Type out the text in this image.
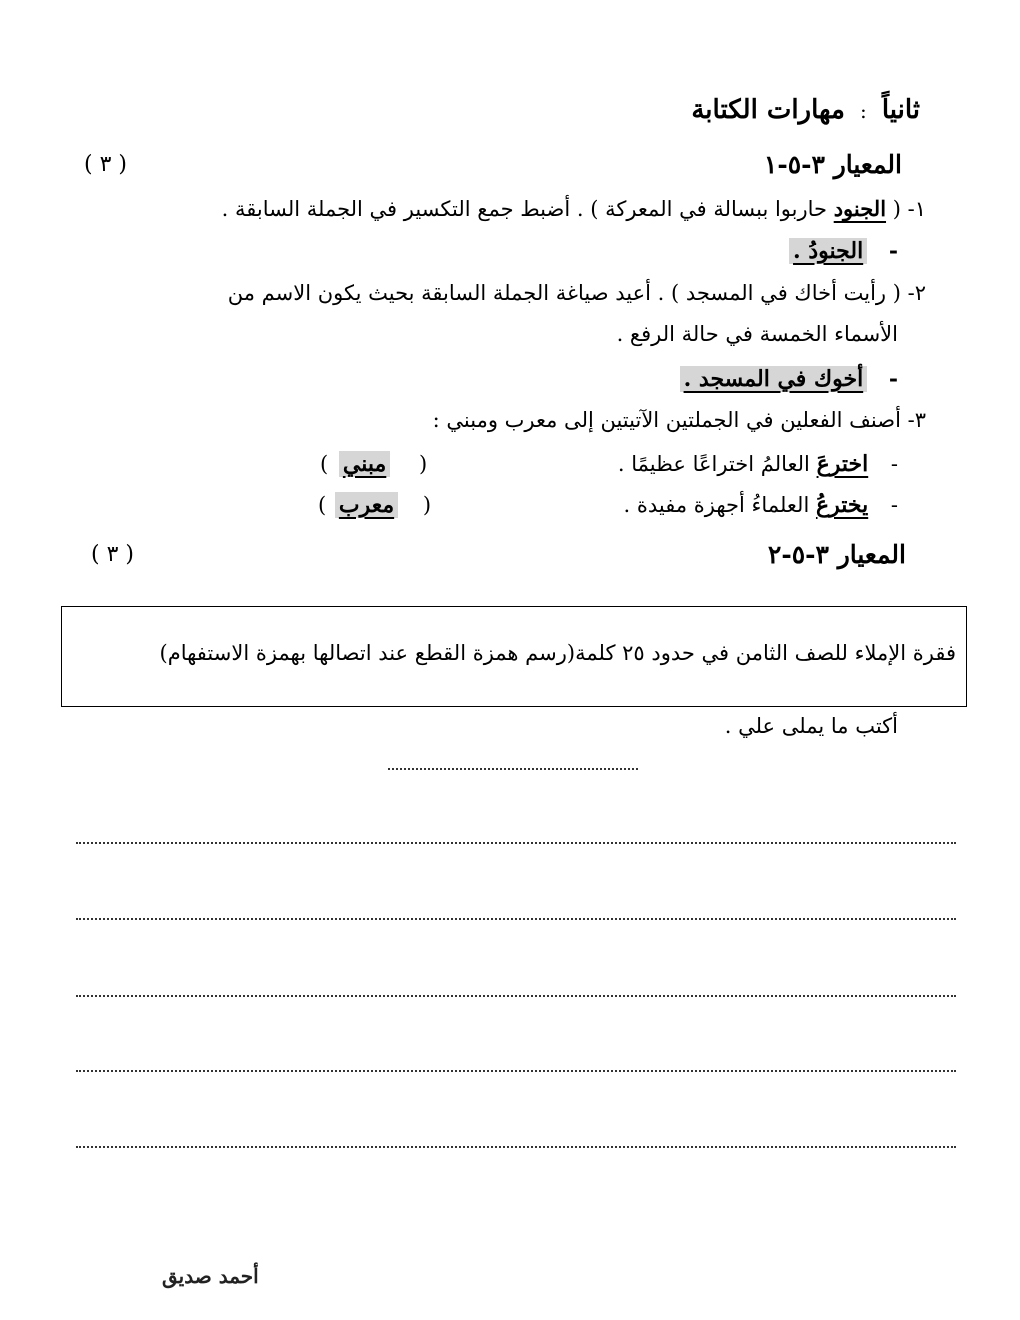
ثانياً : مهارات الكتابة
المعيار ٣-٥-١
( ٣ )
١- ( الجنود حاربوا ببسالة في المعركة ) . أضبط جمع التكسير في الجملة السابقة .
- الجنودُ .
٢- ( رأيت أخاك في المسجد ) . أعيد صياغة الجملة السابقة بحيث يكون الاسم من
الأسماء الخمسة في حالة الرفع .
- أخوك في المسجد .
٣- أصنف الفعلين في الجملتين الآتيتين إلى معرب ومبني :
- اخترعَ العالمُ اختراعًا عظيمًا .
( مبني )
- يخترعُ العلماءُ أجهزة مفيدة .
( معرب )
المعيار ٣-٥-٢
( ٣ )
فقرة الإملاء للصف الثامن في حدود ٢٥ كلمة(رسم همزة القطع عند اتصالها بهمزة الاستفهام)
أكتب ما يملى علي .
أحمد صديق
